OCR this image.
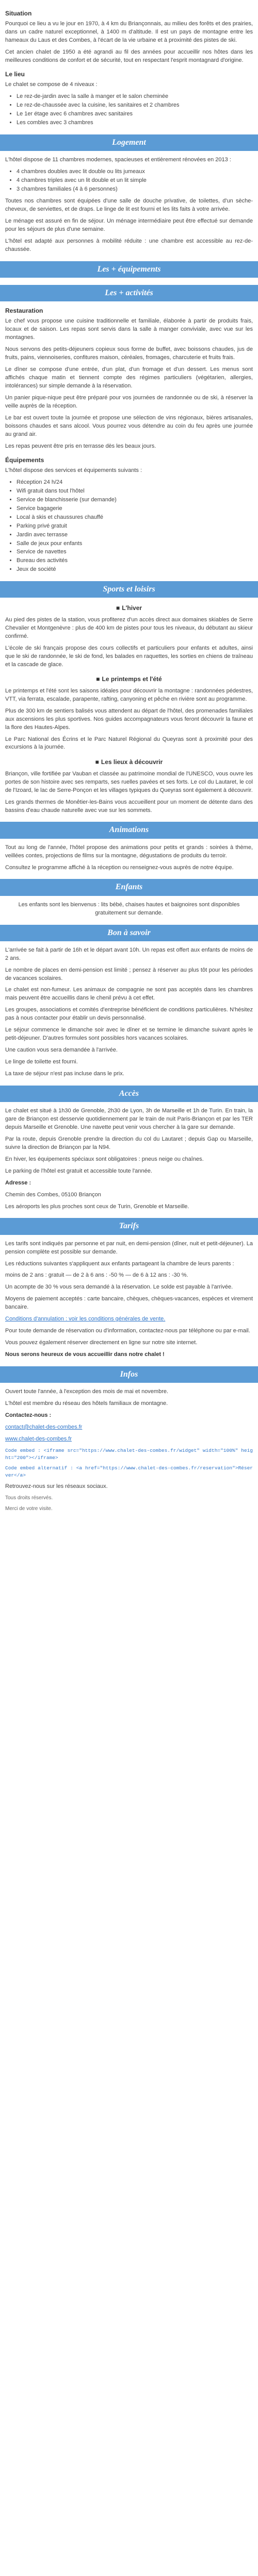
Situation

Pourquoi ce lieu a vu le jour en 1970, à 4 km du Briançonnais, au milieu des forêts et des prairies, dans un cadre naturel exceptionnel, à 1400 m d'altitude. Il est un pays de montagne entre les hameaux du Laus et des Combes, à l'écart de la vie urbaine et à proximité des pistes de ski.

Cet ancien chalet de 1950 a été agrandi au fil des années pour accueillir nos hôtes dans les meilleures conditions de confort et de sécurité, tout en respectant l'esprit montagnard d'origine.

Le lieu

Le chalet se compose de 4 niveaux :

• Le rez-de-jardin avec la salle à manger et le salon cheminée
• Le rez-de-chaussée avec la cuisine, les sanitaires et 2 chambres
• Le 1er étage avec 6 chambres avec sanitaires
• Les combles avec 3 chambres
Logement

L'hôtel dispose de 11 chambres modernes, spacieuses et entièrement rénovées en 2013 :

• 4 chambres doubles avec lit double ou lits jumeaux
• 4 chambres triples avec un lit double et un lit simple
• 3 chambres familiales (4 à 6 personnes)

Toutes nos chambres sont équipées d'une salle de douche privative, de toilettes, d'un sèche-cheveux, de serviettes, et de draps. Le linge de lit est fourni et les lits faits à votre arrivée.

Le ménage est assuré en fin de séjour. Un ménage intermédiaire peut être effectué sur demande pour les séjours de plus d'une semaine.

L'hôtel est adapté aux personnes à mobilité réduite : une chambre est accessible au rez-de-chaussée.

Les + équipements
Les + activités
Restauration

Le chef vous propose une cuisine traditionnelle et familiale, élaborée à partir de produits frais, locaux et de saison. Les repas sont servis dans la salle à manger conviviale, avec vue sur les montagnes.

Nous servons des petits-déjeuners copieux sous forme de buffet, avec boissons chaudes, jus de fruits, pains, viennoiseries, confitures maison, céréales, fromages, charcuterie et fruits frais.

Le dîner se compose d'une entrée, d'un plat, d'un fromage et d'un dessert. Les menus sont affichés chaque matin et tiennent compte des régimes particuliers (végétarien, allergies, intolérances) sur simple demande à la réservation.

Un panier pique-nique peut être préparé pour vos journées de randonnée ou de ski, à réserver la veille auprès de la réception.

Le bar est ouvert toute la journée et propose une sélection de vins régionaux, bières artisanales, boissons chaudes et sans alcool. Vous pourrez vous détendre au coin du feu après une journée au grand air.

Les repas peuvent être pris en terrasse dès les beaux jours.

Équipements

L'hôtel dispose des services et équipements suivants :

• Réception 24 h/24
• Wifi gratuit dans tout l'hôtel
• Service de blanchisserie (sur demande)
• Service bagagerie
• Local à skis et chaussures chauffé
• Parking privé gratuit
• Jardin avec terrasse
• Salle de jeux pour enfants
• Service de navettes
• Bureau des activités
• Jeux de société
Sports et loisirs
■ L'hiver

Au pied des pistes de la station, vous profiterez d'un accès direct aux domaines skiables de Serre Chevalier et Montgenèvre : plus de 400 km de pistes pour tous les niveaux, du débutant au skieur confirmé.

L'école de ski français propose des cours collectifs et particuliers pour enfants et adultes, ainsi que le ski de randonnée, le ski de fond, les balades en raquettes, les sorties en chiens de traîneau et la cascade de glace.

■ Le printemps et l'été

Le printemps et l'été sont les saisons idéales pour découvrir la montagne : randonnées pédestres, VTT, via ferrata, escalade, parapente, rafting, canyoning et pêche en rivière sont au programme.

Plus de 300 km de sentiers balisés vous attendent au départ de l'hôtel, des promenades familiales aux ascensions les plus sportives. Nos guides accompagnateurs vous feront découvrir la faune et la flore des Hautes-Alpes.

Le Parc National des Écrins et le Parc Naturel Régional du Queyras sont à proximité pour des excursions à la journée.

■ Les lieux à découvrir

Briançon, ville fortifiée par Vauban et classée au patrimoine mondial de l'UNESCO, vous ouvre les portes de son histoire avec ses remparts, ses ruelles pavées et ses forts. Le col du Lautaret, le col de l'Izoard, le lac de Serre-Ponçon et les villages typiques du Queyras sont également à découvrir.

Les grands thermes de Monêtier-les-Bains vous accueillent pour un moment de détente dans des bassins d'eau chaude naturelle avec vue sur les sommets.

Animations

Tout au long de l'année, l'hôtel propose des animations pour petits et grands : soirées à thème, veillées contes, projections de films sur la montagne, dégustations de produits du terroir.

Consultez le programme affiché à la réception ou renseignez-vous auprès de notre équipe.

Enfants

Les enfants sont les bienvenus : lits bébé, chaises hautes et baignoires sont disponibles gratuitement sur demande.

Bon à savoir

L'arrivée se fait à partir de 16h et le départ avant 10h. Un repas est offert aux enfants de moins de 2 ans.

Le nombre de places en demi-pension est limité ; pensez à réserver au plus tôt pour les périodes de vacances scolaires.

Le chalet est non-fumeur. Les animaux de compagnie ne sont pas acceptés dans les chambres mais peuvent être accueillis dans le chenil prévu à cet effet.

Les groupes, associations et comités d'entreprise bénéficient de conditions particulières. N'hésitez pas à nous contacter pour établir un devis personnalisé.

Le séjour commence le dimanche soir avec le dîner et se termine le dimanche suivant après le petit-déjeuner. D'autres formules sont possibles hors vacances scolaires.

Une caution vous sera demandée à l'arrivée.

Le linge de toilette est fourni.

La taxe de séjour n'est pas incluse dans le prix.

Accès

Le chalet est situé à 1h30 de Grenoble, 2h30 de Lyon, 3h de Marseille et 1h de Turin. En train, la gare de Briançon est desservie quotidiennement par le train de nuit Paris-Briançon et par les TER depuis Marseille et Grenoble. Une navette peut venir vous chercher à la gare sur demande.

Par la route, depuis Grenoble prendre la direction du col du Lautaret ; depuis Gap ou Marseille, suivre la direction de Briançon par la N94.

En hiver, les équipements spéciaux sont obligatoires : pneus neige ou chaînes.

Le parking de l'hôtel est gratuit et accessible toute l'année.

Adresse :

Chemin des Combes, 05100 Briançon

Les aéroports les plus proches sont ceux de Turin, Grenoble et Marseille.

Tarifs

Les tarifs sont indiqués par personne et par nuit, en demi-pension (dîner, nuit et petit-déjeuner). La pension complète est possible sur demande.

Les réductions suivantes s'appliquent aux enfants partageant la chambre de leurs parents :

moins de 2 ans : gratuit — de 2 à 6 ans : -50 % — de 6 à 12 ans : -30 %.

Un acompte de 30 % vous sera demandé à la réservation. Le solde est payable à l'arrivée.

Moyens de paiement acceptés : carte bancaire, chèques, chèques-vacances, espèces et virement bancaire.

Conditions d'annulation : voir les conditions générales de vente.

Pour toute demande de réservation ou d'information, contactez-nous par téléphone ou par e-mail.

Vous pouvez également réserver directement en ligne sur notre site internet.

Nous serons heureux de vous accueillir dans notre chalet !

Infos

Ouvert toute l'année, à l'exception des mois de mai et novembre.

L'hôtel est membre du réseau des hôtels familiaux de montagne.

Contactez-nous :

contact@chalet-des-combes.fr

www.chalet-des-combes.fr

Code embed : <iframe src="https://www.chalet-des-combes.fr/widget" width="100%" height="200"></iframe>

Code embed alternatif : <a href="https://www.chalet-des-combes.fr/reservation">Réserver</a>

Retrouvez-nous sur les réseaux sociaux.

Tous droits réservés.

Merci de votre visite.
